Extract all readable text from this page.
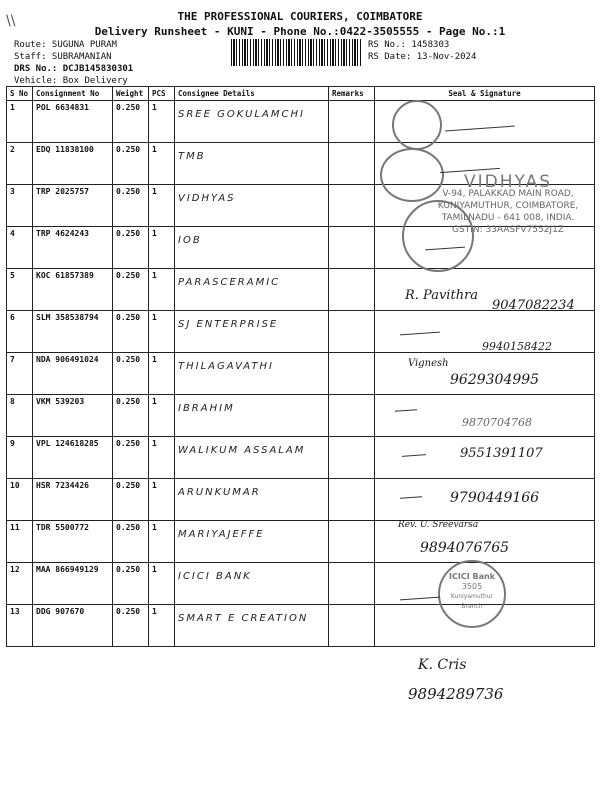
\\	THE PROFESSIONAL COURIERS, COIMBATORE
Delivery Runsheet - KUNI - Phone No.:0422-3505555 - Page No.:1
Route: SUGUNA PURAM
Staff: SUBRAMANIAN
DRS No.: DCJB145830301
Vehicle: Box Delivery
RS No.: 1458303
RS Date: 13-Nov-2024
S No	Consignment No	Weight	PCS	Consignee Details	Remarks	Seal & Signature
1	POL 6634831	0.250	1	SREE GOKULAMCHI		

2	EDQ 11838100	0.250	1	TMB		

3	TRP 2025757	0.250	1	VIDHYAS		

4	TRP 4624243	0.250	1	IOB		

5	KOC 61857389	0.250	1	PARASCERAMIC		

6	SLM 358538794	0.250	1	SJ ENTERPRISE		

7	NDA 906491024	0.250	1	THILAGAVATHI		

8	VKM 539203	0.250	1	IBRAHIM		

9	VPL 124618285	0.250	1	WALIKUM ASSALAM		

10	HSR 7234426	0.250	1	ARUNKUMAR		

11	TDR 5500772	0.250	1	MARIYAJEFFE		

12	MAA 866949129	0.250	1	ICICI BANK		

13	DDG 907670	0.250	1	SMART E CREATION		

VIDHYAS
V-94, PALAKKAD MAIN ROAD,
KUNIYAMUTHUR, COIMBATORE,
TAMILNADU - 641 008, INDIA.
GSTIN: 33AASFV7552J1Z
ICICI Bank
3505
Kuniyamuthur Branch
R. Pavithra
9047082234
9940158422
Vignesh
9629304995
9870704768
9551391107
9790449166
Rev. U. Sreevarsa
9894076765
K. Cris
9894289736
